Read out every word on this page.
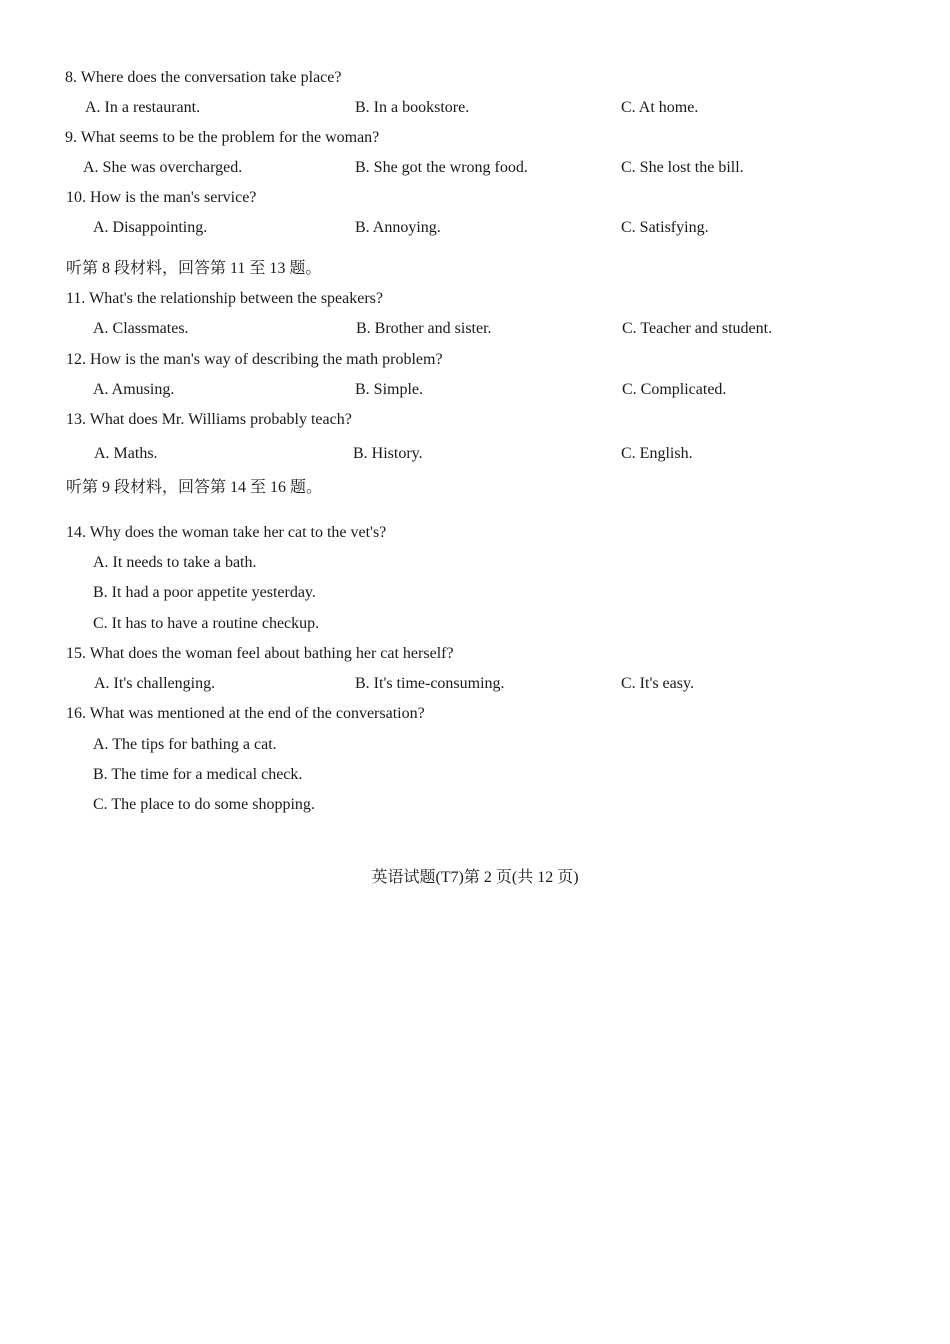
8. Where does the conversation take place?
A. In a restaurant.	B. In a bookstore.	C. At home.
9. What seems to be the problem for the woman?
A. She was overcharged.	B. She got the wrong food.	C. She lost the bill.
10. How is the man's service?
A. Disappointing.	B. Annoying.	C. Satisfying.
听第 8 段材料，回答第 11 至 13 题。
11. What's the relationship between the speakers?
A. Classmates.	B. Brother and sister.	C. Teacher and student.
12. How is the man's way of describing the math problem?
A. Amusing.	B. Simple.	C. Complicated.
13. What does Mr. Williams probably teach?
A. Maths.	B. History.	C. English.
听第 9 段材料，回答第 14 至 16 题。
14. Why does the woman take her cat to the vet's?
A. It needs to take a bath.
B. It had a poor appetite yesterday.
C. It has to have a routine checkup.
15. What does the woman feel about bathing her cat herself?
A. It's challenging.	B. It's time-consuming.	C. It's easy.
16. What was mentioned at the end of the conversation?
A. The tips for bathing a cat.
B. The time for a medical check.
C. The place to do some shopping.
英语试题(T7)第 2 页(共 12 页)
